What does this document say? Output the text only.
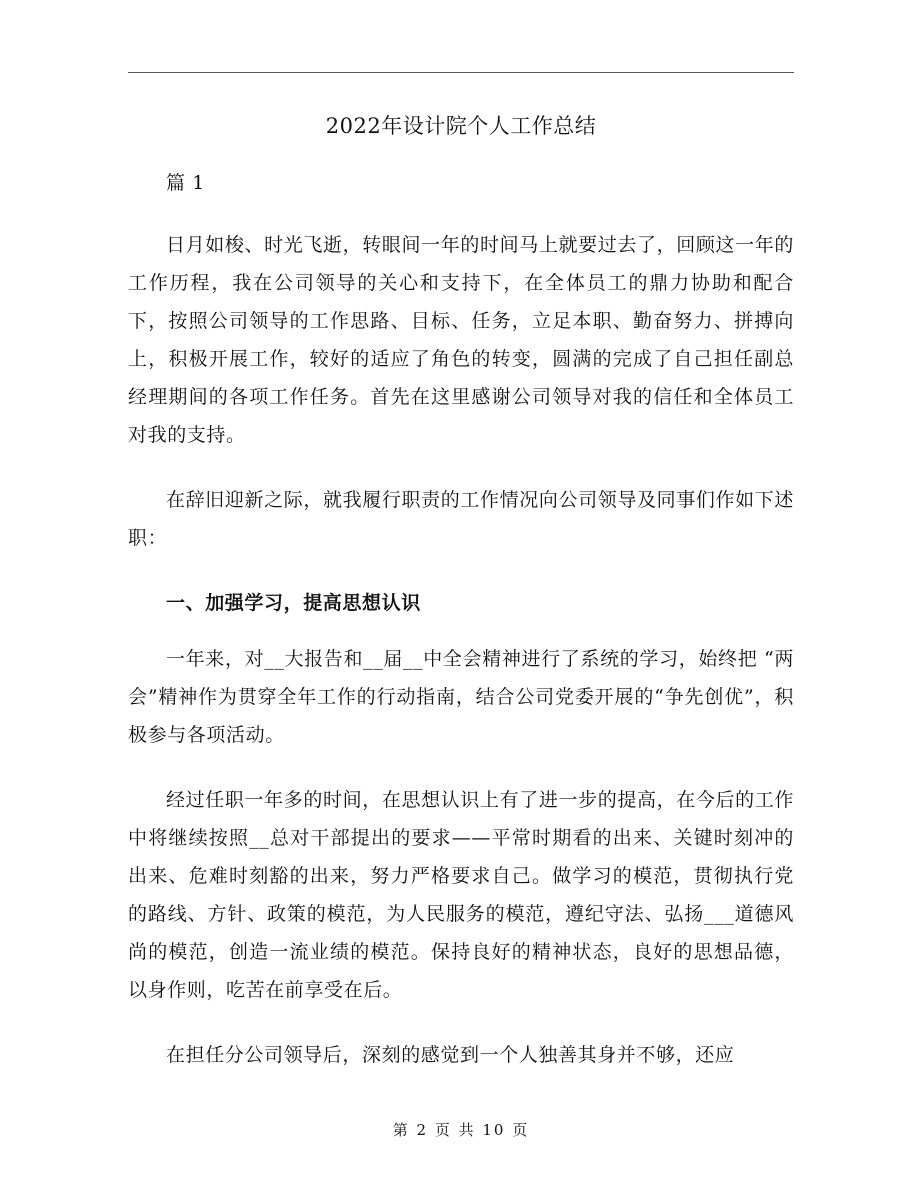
2022年设计院个人工作总结

篇 1

日月如梭、时光飞逝，转眼间一年的时间马上就要过去了，回顾这一年的工作历程，我在公司领导的关心和支持下，在全体员工的鼎力协助和配合下，按照公司领导的工作思路、目标、任务，立足本职、勤奋努力、拼搏向上，积极开展工作，较好的适应了角色的转变，圆满的完成了自己担任副总经理期间的各项工作任务。首先在这里感谢公司领导对我的信任和全体员工对我的支持。

在辞旧迎新之际，就我履行职责的工作情况向公司领导及同事们作如下述职：

一、加强学习，提高思想认识

一年来，对__大报告和__届__中全会精神进行了系统的学习，始终把 “两会”精神作为贯穿全年工作的行动指南，结合公司党委开展的“争先创优”，积极参与各项活动。

经过任职一年多的时间，在思想认识上有了进一步的提高，在今后的工作中将继续按照__总对干部提出的要求——平常时期看的出来、关键时刻冲的出来、危难时刻豁的出来，努力严格要求自己。做学习的模范，贯彻执行党的路线、方针、政策的模范，为人民服务的模范，遵纪守法、弘扬___道德风尚的模范，创造一流业绩的模范。保持良好的精神状态，良好的思想品德，以身作则，吃苦在前享受在后。

在担任分公司领导后，深刻的感觉到一个人独善其身并不够，还应

第 2 页 共 10 页
